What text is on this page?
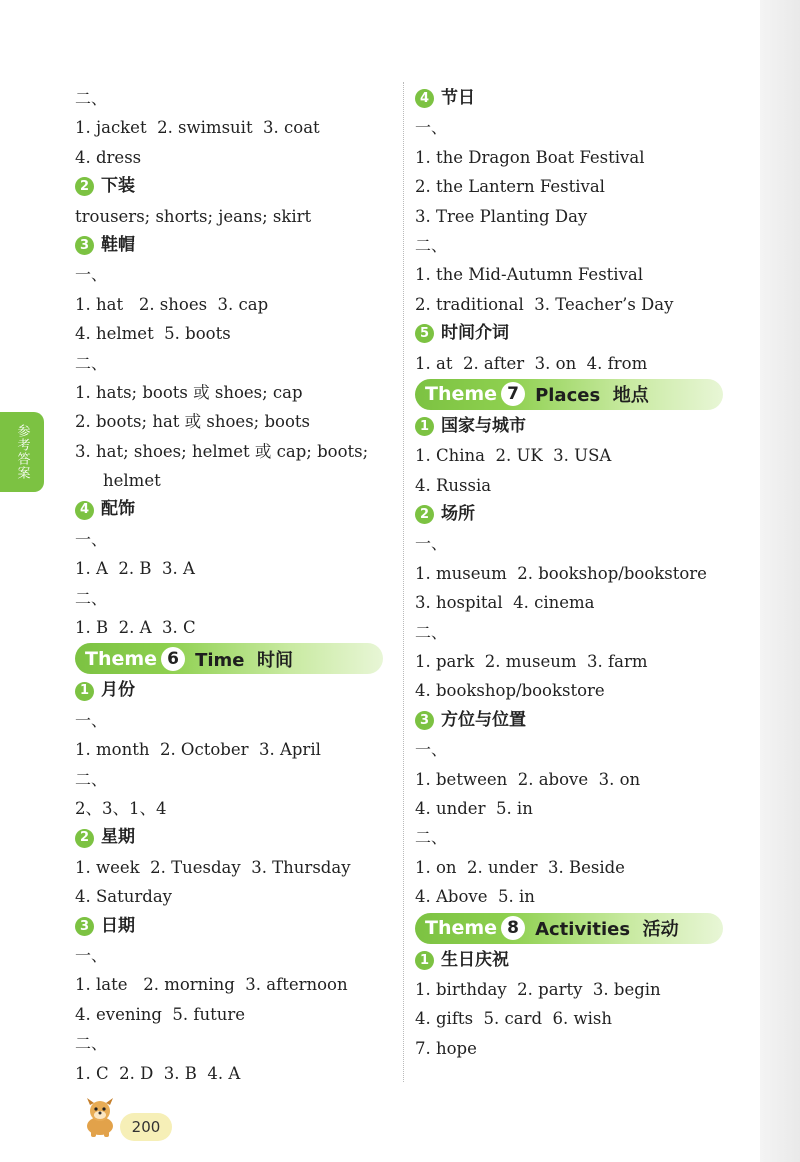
参考答案
二、
1. jacket  2. swimsuit  3. coat
4. dress
2 下装
trousers; shorts; jeans; skirt
3 鞋帽
一、
1. hat   2. shoes  3. cap
4. helmet  5. boots
二、
1. hats; boots 或 shoes; cap
2. boots; hat 或 shoes; boots
3. hat; shoes; helmet 或 cap; boots;
helmet
4 配饰
一、
1. A  2. B  3. A
二、
1. B  2. A  3. C
Theme 6 Time  时间
1 月份
一、
1. month  2. October  3. April
二、
2、3、1、4
2 星期
1. week  2. Tuesday  3. Thursday
4. Saturday
3 日期
一、
1. late   2. morning  3. afternoon
4. evening  5. future
二、
1. C  2. D  3. B  4. A
4 节日
一、
1. the Dragon Boat Festival
2. the Lantern Festival
3. Tree Planting Day
二、
1. the Mid-Autumn Festival
2. traditional  3. Teacher’s Day
5 时间介词
1. at  2. after  3. on  4. from
Theme 7 Places  地点
1 国家与城市
1. China  2. UK  3. USA
4. Russia
2 场所
一、
1. museum  2. bookshop/bookstore
3. hospital  4. cinema
二、
1. park  2. museum  3. farm
4. bookshop/bookstore
3 方位与位置
一、
1. between  2. above  3. on
4. under  5. in
二、
1. on  2. under  3. Beside
4. Above  5. in
Theme 8 Activities  活动
1 生日庆祝
1. birthday  2. party  3. begin
4. gifts  5. card  6. wish
7. hope
200
